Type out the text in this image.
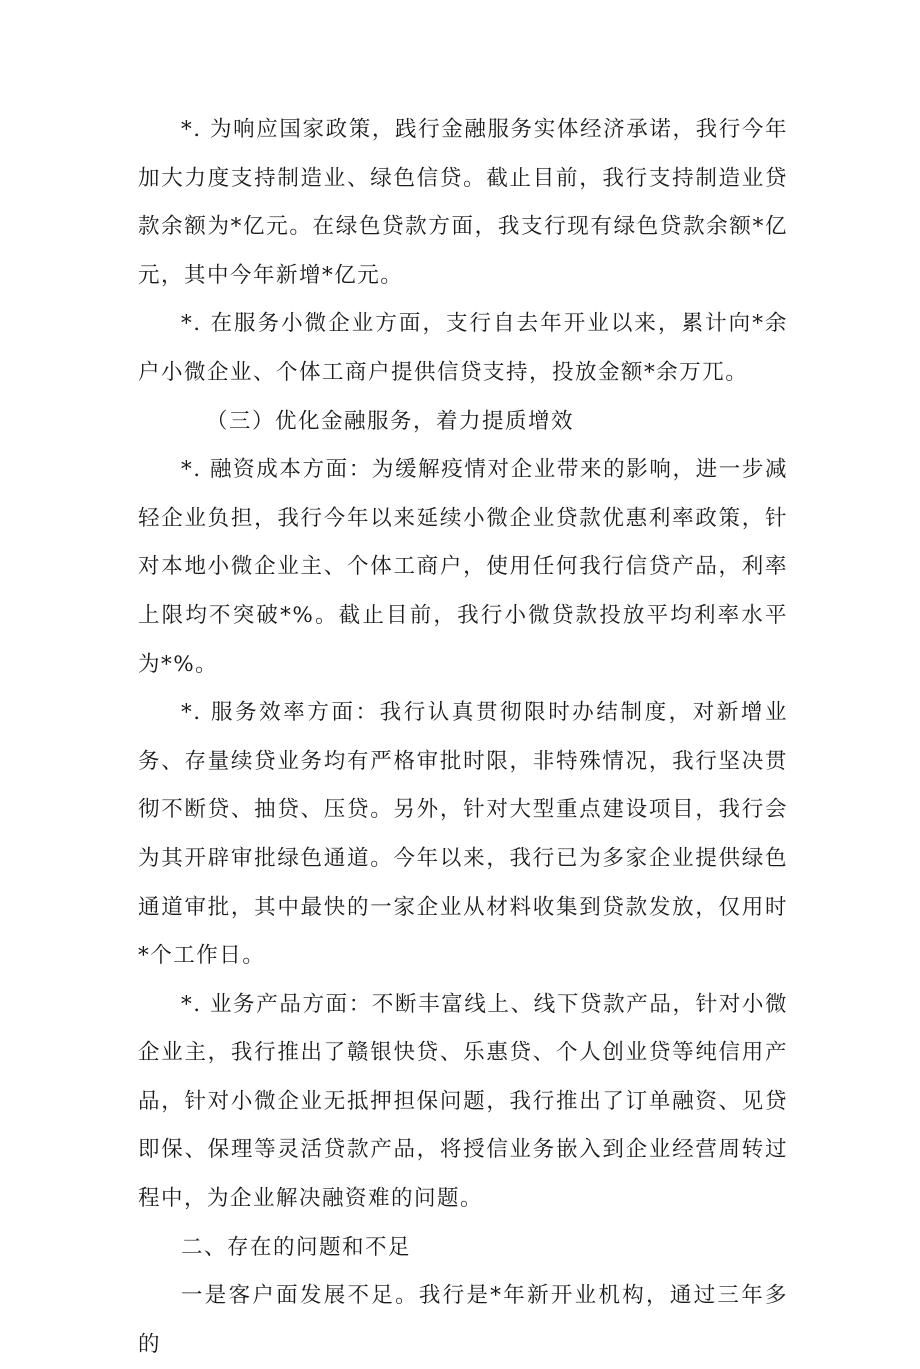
*. 为响应国家政策，践行金融服务实体经济承诺，我行今年加大力度支持制造业、绿色信贷。截止目前，我行支持制造业贷款余额为*亿元。在绿色贷款方面，我支行现有绿色贷款余额*亿元，其中今年新增*亿元。

*. 在服务小微企业方面，支行自去年开业以来，累计向*余户小微企业、个体工商户提供信贷支持，投放金额*余万兀。

（三）优化金融服务，着力提质增效

*. 融资成本方面：为缓解疫情对企业带来的影响，进一步减轻企业负担，我行今年以来延续小微企业贷款优惠利率政策，针对本地小微企业主、个体工商户，使用任何我行信贷产品，利率上限均不突破*%。截止目前，我行小微贷款投放平均利率水平为*%。

*. 服务效率方面：我行认真贯彻限时办结制度，对新增业务、存量续贷业务均有严格审批时限，非特殊情况，我行坚决贯彻不断贷、抽贷、压贷。另外，针对大型重点建设项目，我行会为其开辟审批绿色通道。今年以来，我行已为多家企业提供绿色通道审批，其中最快的一家企业从材料收集到贷款发放，仅用时*个工作日。

*. 业务产品方面：不断丰富线上、线下贷款产品，针对小微企业主，我行推出了赣银快贷、乐惠贷、个人创业贷等纯信用产品，针对小微企业无抵押担保问题，我行推出了订单融资、见贷即保、保理等灵活贷款产品，将授信业务嵌入到企业经营周转过程中，为企业解决融资难的问题。

二、存在的问题和不足

一是客户面发展不足。我行是*年新开业机构，通过三年多的
